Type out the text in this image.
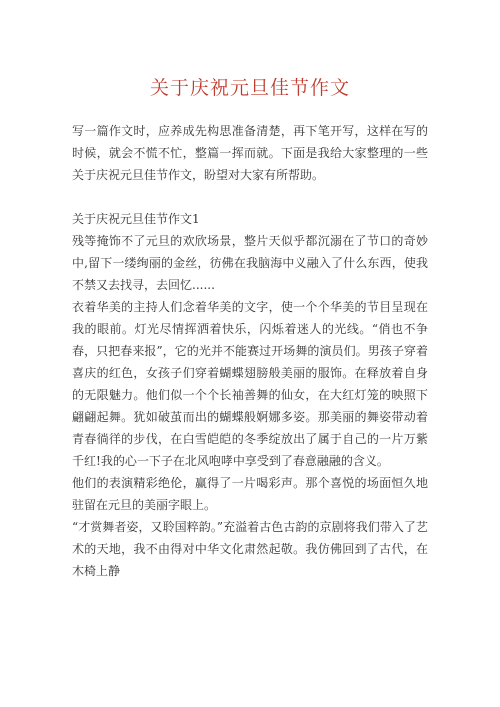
关于庆祝元旦佳节作文

写一篇作文时，应养成先构思准备清楚，再下笔开写，这样在写的时候，就会不慌不忙，整篇一挥而就。下面是我给大家整理的一些关于庆祝元旦佳节作文，盼望对大家有所帮助。

关于庆祝元旦佳节作文1

残等掩饰不了元旦的欢欣场景，整片天似乎都沉溺在了节口的奇妙中,留下一缕绚丽的金丝，彷佛在我脑海中义融入了什么东西，使我不禁又去找寻，去回忆......

衣着华美的主持人们念着华美的文字，使一个个华美的节目呈现在我的眼前。灯光尽情挥洒着快乐，闪烁着迷人的光线。“俏也不争春，只把春来报”，它的光并不能赛过开场舞的演员们。男孩子穿着喜庆的红色，女孩子们穿着蝴蝶翅膀般美丽的服饰。在释放着自身的无限魅力。他们似一个个长袖善舞的仙女，在大红灯笼的映照下翩翩起舞。犹如破茧而出的蝴蝶般婀娜多姿。那美丽的舞姿带动着青春徜徉的步伐，在白雪皑皑的冬季绽放出了属于自己的一片万紫千红!我的心一下子在北风咆哮中享受到了春意融融的含义。

他们的表演精彩绝伦，赢得了一片喝彩声。那个喜悦的场面恒久地驻留在元旦的美丽字眼上。

“才赏舞者姿，又聆国粹韵。”充溢着古色古韵的京剧将我们带入了艺术的天地，我不由得对中华文化肃然起敬。我仿佛回到了古代，在木椅上静
